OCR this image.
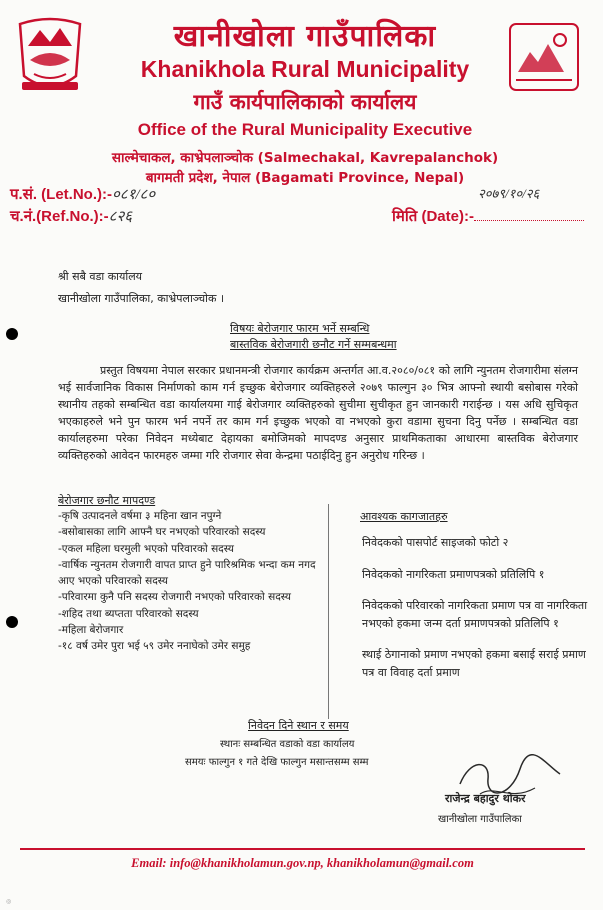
खानीखोला गाउँपालिका
Khanikhola Rural Municipality
गाउँ कार्यपालिकाको कार्यालय
Office of the Rural Municipality Executive
साल्मेचाकल, काभ्रेपलाञ्चोक (Salmechakal, Kavrepalanchok)
बागमती प्रदेश, नेपाल (Bagamati Province, Nepal)
प.सं. (Let.No.):-०८१/८०
च.नं.(Ref.No.):-८२६	मिति (Date):-
२०७९/१०/२६
श्री सबै वडा कार्यालय
खानीखोला गाउँपालिका, काभ्रेपलाञ्चोक ।
विषयः बेरोजगार फारम भर्ने सम्बन्धि
बास्तविक बेरोजगारी छनौट गर्ने सम्मबन्धमा
प्रस्तुत विषयमा नेपाल सरकार प्रधानमन्त्री रोजगार कार्यक्रम अन्तर्गत आ.व.२०८०/०८१ को लागि न्युनतम रोजगारीमा संलग्न भई सार्वजानिक विकास निर्माणको काम गर्न इच्छुक बेरोजगार व्यक्तिहरुले २०७९ फाल्गुन ३० भित्र आफ्नो स्थायी बसोबास गरेको स्थानीय तहको सम्बन्धित वडा कार्यालयमा गाई बेरोजगार व्यक्तिहरुको सुचीमा सुचीकृत हुन जानकारी गराईन्छ । यस अधि सुचिकृत भएकाहरुले भने पुन फारम भर्न नपर्ने तर काम गर्न इच्छुक भएको वा नभएको कुरा वडामा सुचना दिनु पर्नेछ । सम्बन्धित वडा कार्यालहरुमा परेका निवेदन मध्येबाट देहायका बमोजिमको मापदण्ड अनुसार प्राथमिकताका आधारमा बास्तविक बेरोजगार व्यक्तिहरुको आवेदन फारमहरु जम्मा गरि रोजगार सेवा केन्द्रमा पठाईदिनु हुन अनुरोध गरिन्छ ।
बेरोजगार छनौट मापदण्ड
-कृषि उत्पादनले वर्षमा ३ महिना खान नपुग्ने
-बसोबासका लागि आफ्नै घर नभएको परिवारको सदस्य
-एकल महिला घरमुली भएको परिवारको सदस्य
-वार्षिक न्युनतम रोजगारी वापत प्राप्त हुने पारिश्रमिक भन्दा कम नगद आए भएको परिवारको सदस्य
-परिवारमा कुनै पनि सदस्य रोजगारी नभएको परिवारको सदस्य
-शहिद तथा ब्यप्तता परिवारको सदस्य
-महिला बेरोजगार
-१८ वर्ष उमेर पुरा भई ५९ उमेर ननाघेको उमेर समुह
आवश्यक कागजातहरु
निवेदकको पासपोर्ट साइजको फोटो २
निवेदकको नागरिकता प्रमाणपत्रको प्रतिलिपि १
निवेदकको परिवारको नागरिकता प्रमाण पत्र वा नागरिकता नभएको हकमा जन्म दर्ता प्रमाणपत्रको प्रतिलिपि १
स्थाई ठेगानाको प्रमाण नभएको हकमा बसाई सराई प्रमाण पत्र वा विवाह दर्ता प्रमाण
निवेदन दिने स्थान र समय
स्थानः सम्बन्धित वडाको वडा कार्यालय
समयः फाल्गुन १ गते देखि फाल्गुन मसान्तसम्म सम्म
राजेन्द्र बहादुर थोकर
खानीखोला गाउँपालिका
Email: info@khanikholamun.gov.np, khanikholamun@gmail.com
◎
